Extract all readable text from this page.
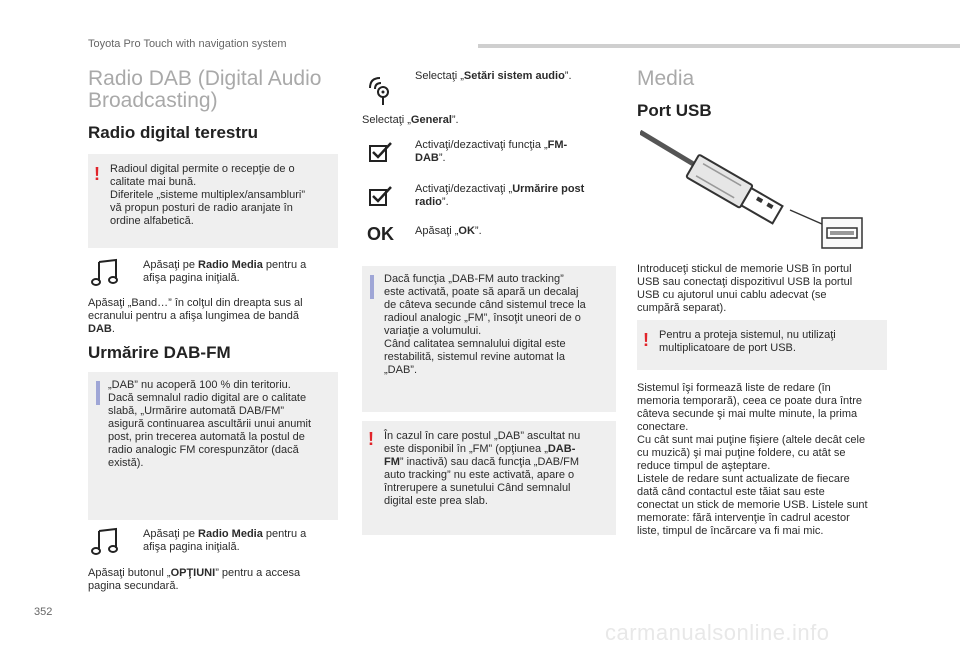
Toyota Pro Touch with navigation system
Radio DAB (Digital Audio
Broadcasting)
Radio digital terestru
! Radioul digital permite o recepţie de o

calitate mai bună.

Diferitele „sisteme multiplex/ansambluri”

vă propun posturi de radio aranjate în

ordine alfabetică.

Apăsaţi pe Radio Media pentru a

afişa pagina iniţială.

Apăsaţi „Band…” în colţul din dreapta sus al

ecranului pentru a afişa lungimea de bandă

DAB.

Urmărire DAB-FM

„DAB” nu acoperă 100 % din teritoriu.

Dacă semnalul radio digital are o calitate

slabă, „Urmărire automată DAB/FM”

asigură continuarea ascultării unui anumit

post, prin trecerea automată la postul de

radio analogic FM corespunzător (dacă

există).

Apăsaţi pe Radio Media pentru a

afişa pagina iniţială.

Apăsaţi butonul „OPŢIUNI” pentru a accesa

pagina secundară.

Selectaţi „Setări sistem audio”.

Selectaţi „General”.

Activaţi/dezactivaţi funcţia „FM-

DAB”.

Activaţi/dezactivaţi „Urmărire post

radio”.

OK Apăsaţi „OK”.

Dacă funcţia „DAB-FM auto tracking”

este activată, poate să apară un decalaj

de câteva secunde când sistemul trece la

radioul analogic „FM”, însoţit uneori de o

variaţie a volumului.

Când calitatea semnalului digital este

restabilită, sistemul revine automat la

„DAB”.

! În cazul în care postul „DAB” ascultat nu

este disponibil în „FM” (opţiunea „DAB-

FM” inactivă) sau dacă funcţia „DAB/FM

auto tracking” nu este activată, apare o

întrerupere a sunetului Când semnalul

digital este prea slab.

Media
Port USB

Introduceţi stickul de memorie USB în portul

USB sau conectaţi dispozitivul USB la portul

USB cu ajutorul unui cablu adecvat (se

cumpără separat).

! Pentru a proteja sistemul, nu utilizaţi

multiplicatoare de port USB.

Sistemul îşi formează liste de redare (în

memoria temporară), ceea ce poate dura între

câteva secunde şi mai multe minute, la prima

conectare.

Cu cât sunt mai puţine fişiere (altele decât cele

cu muzică) şi mai puţine foldere, cu atât se

reduce timpul de aşteptare.

Listele de redare sunt actualizate de fiecare

dată când contactul este tăiat sau este

conectat un stick de memorie USB. Listele sunt

memorate: fără intervenţie în cadrul acestor

liste, timpul de încărcare va fi mai mic.

352
carmanualsonline.info
